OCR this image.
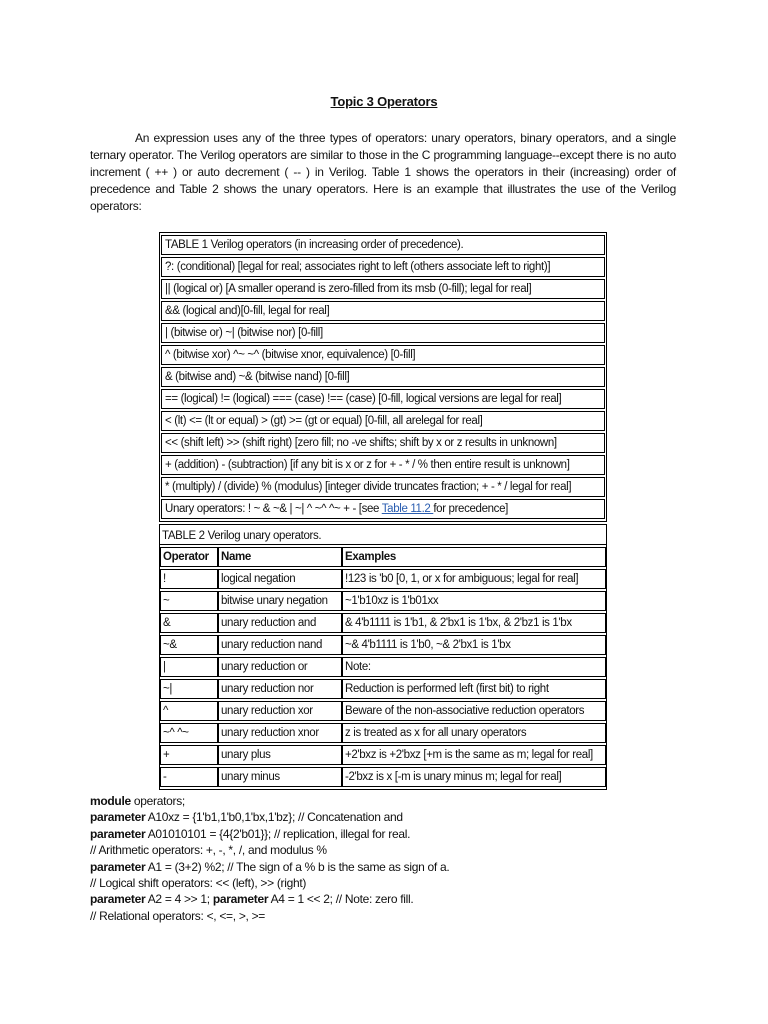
Topic 3 Operators
An expression uses any of the three types of operators: unary operators, binary operators, and a single ternary operator. The Verilog operators are similar to those in the C programming language--except there is no auto increment ( ++ ) or auto decrement ( -- ) in Verilog. Table 1 shows the operators in their (increasing) order of precedence and Table 2 shows the unary operators. Here is an example that illustrates the use of the Verilog operators:
TABLE 1 Verilog operators (in increasing order of precedence).
?: (conditional) [legal for real; associates right to left (others associate left to right)]
|| (logical or) [A smaller operand is zero-filled from its msb (0-fill); legal for real]
&& (logical and)[0-fill, legal for real]
| (bitwise or) ~| (bitwise nor) [0-fill]
^ (bitwise xor) ^~ ~^ (bitwise xnor, equivalence) [0-fill]
& (bitwise and) ~& (bitwise nand) [0-fill]
== (logical) != (logical) === (case) !== (case) [0-fill, logical versions are legal for real]
< (lt) <= (lt or equal) > (gt) >= (gt or equal) [0-fill, all arelegal for real]
<< (shift left) >> (shift right) [zero fill; no -ve shifts; shift by x or z results in unknown]
+ (addition) - (subtraction) [if any bit is x or z for + - * / % then entire result is unknown]
* (multiply) / (divide) % (modulus) [integer divide truncates fraction; + - * / legal for real]
Unary operators: ! ~ & ~& | ~| ^ ~^ ^~ + - [see Table 11.2 for precedence]
TABLE 2 Verilog unary operators.		
Operator	Name	Examples
!	logical negation	!123 is 'b0 [0, 1, or x for ambiguous; legal for real]
~	bitwise unary negation	~1'b10xz is 1'b01xx
&	unary reduction and	& 4'b1111 is 1'b1, & 2'bx1 is 1'bx, & 2'bz1 is 1'bx
~&	unary reduction nand	~& 4'b1111 is 1'b0, ~& 2'bx1 is 1'bx
|	unary reduction or	Note:
~|	unary reduction nor	Reduction is performed left (first bit) to right
^	unary reduction xor	Beware of the non-associative reduction operators
~^ ^~	unary reduction xnor	z is treated as x for all unary operators
+	unary plus	+2'bxz is +2'bxz [+m is the same as m; legal for real]
-	unary minus	-2'bxz is x [-m is unary minus m; legal for real]
module operators;
parameter A10xz = {1'b1,1'b0,1'bx,1'bz}; // Concatenation and
parameter A01010101 = {4{2'b01}}; // replication, illegal for real.
// Arithmetic operators: +, -, *, /, and modulus %
parameter A1 = (3+2) %2; // The sign of a % b is the same as sign of a.
// Logical shift operators: << (left), >> (right)
parameter A2 = 4 >> 1; parameter A4 = 1 << 2; // Note: zero fill.
// Relational operators: <, <=, >, >=
